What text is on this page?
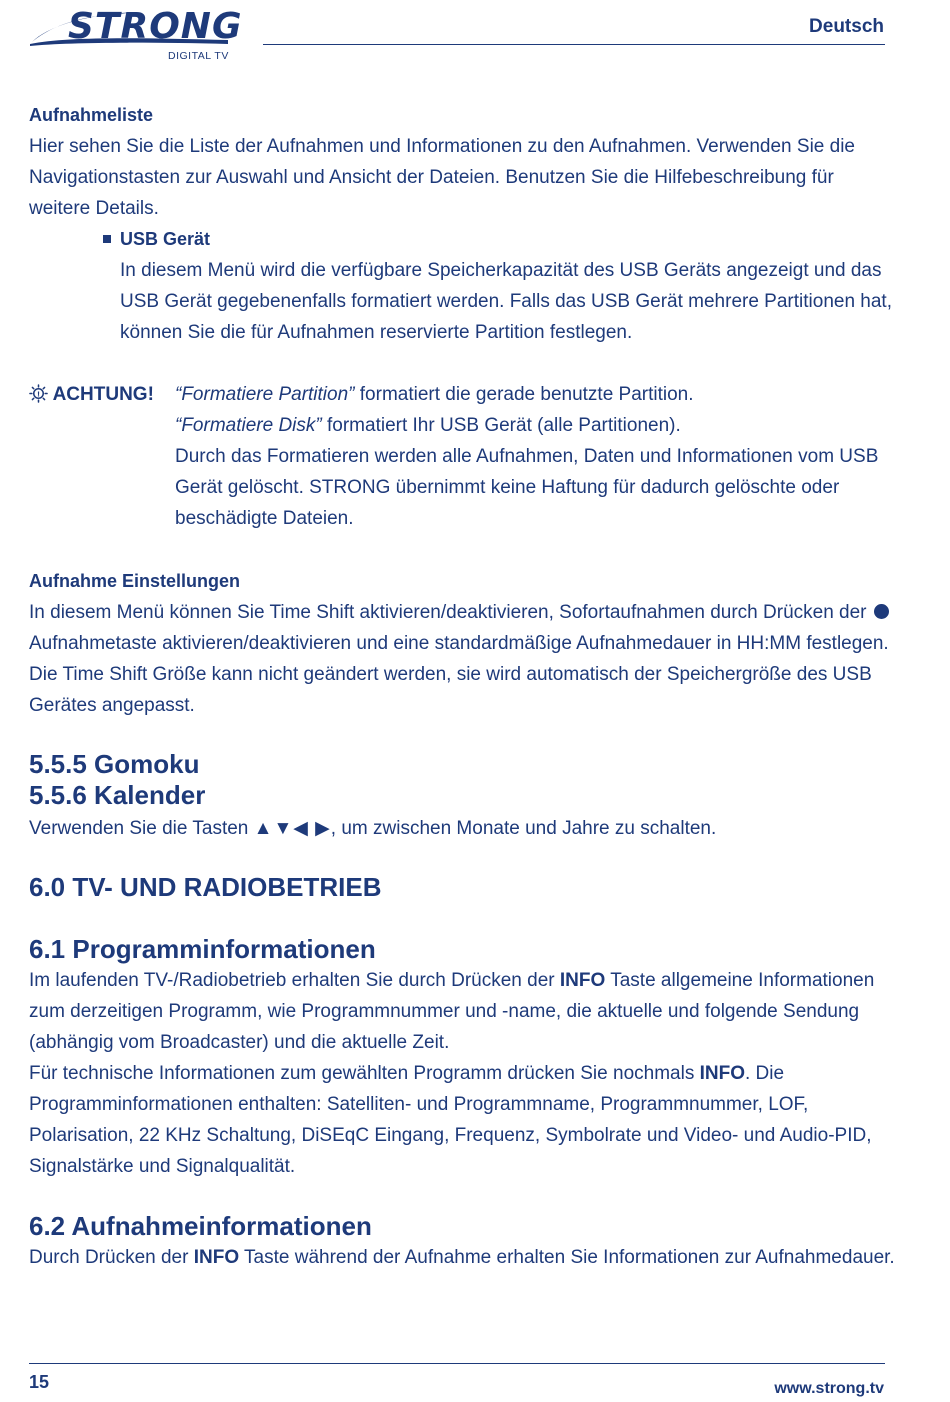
STRONG
DIGITAL TV
Deutsch

Aufnahmeliste

Hier sehen Sie die Liste der Aufnahmen und Informationen zu den Aufnahmen. Verwenden Sie die Navigationstasten zur Auswahl und Ansicht der Dateien. Benutzen Sie die Hilfebeschreibung für weitere Details.

USB Gerät

In diesem Menü wird die verfügbare Speicherkapazität des USB Geräts angezeigt und das USB Gerät gegebenenfalls formatiert werden. Falls das USB Gerät mehrere Partitionen hat, können Sie die für Aufnahmen reservierte Partition festlegen.

! ACHTUNG! “Formatiere Partition” formatiert die gerade benutzte Partition.

“Formatiere Disk” formatiert Ihr USB Gerät (alle Partitionen).

Durch das Formatieren werden alle Aufnahmen, Daten und Informationen vom USB Gerät gelöscht. STRONG übernimmt keine Haftung für dadurch gelöschte oder beschädigte Dateien.

Aufnahme Einstellungen

In diesem Menü können Sie Time Shift aktivieren/deaktivieren, Sofortaufnahmen durch Drücken der  Aufnahmetaste aktivieren/deaktivieren und eine standardmäßige Aufnahmedauer in HH:MM festlegen. Die Time Shift Größe kann nicht geändert werden, sie wird automatisch der Speichergröße des USB Gerätes angepasst.

5.5.5 Gomoku

5.5.6 Kalender

Verwenden Sie die Tasten ▲▼◀ ▶, um zwischen Monate und Jahre zu schalten.

6.0 TV- UND RADIOBETRIEB

6.1 Programminformationen

Im laufenden TV-/Radiobetrieb erhalten Sie durch Drücken der INFO Taste allgemeine Informationen zum derzeitigen Programm, wie Programmnummer und -name, die aktuelle und folgende Sendung (abhängig vom Broadcaster) und die aktuelle Zeit.

Für technische Informationen zum gewählten Programm drücken Sie nochmals INFO. Die Programminformationen enthalten: Satelliten- und Programmname, Programmnummer, LOF, Polarisation, 22 KHz Schaltung, DiSEqC Eingang, Frequenz, Symbolrate und Video- und Audio-PID, Signalstärke und Signalqualität.

6.2 Aufnahmeinformationen

Durch Drücken der INFO Taste während der Aufnahme erhalten Sie Informationen zur Aufnahmedauer.

15	www.strong.tv
